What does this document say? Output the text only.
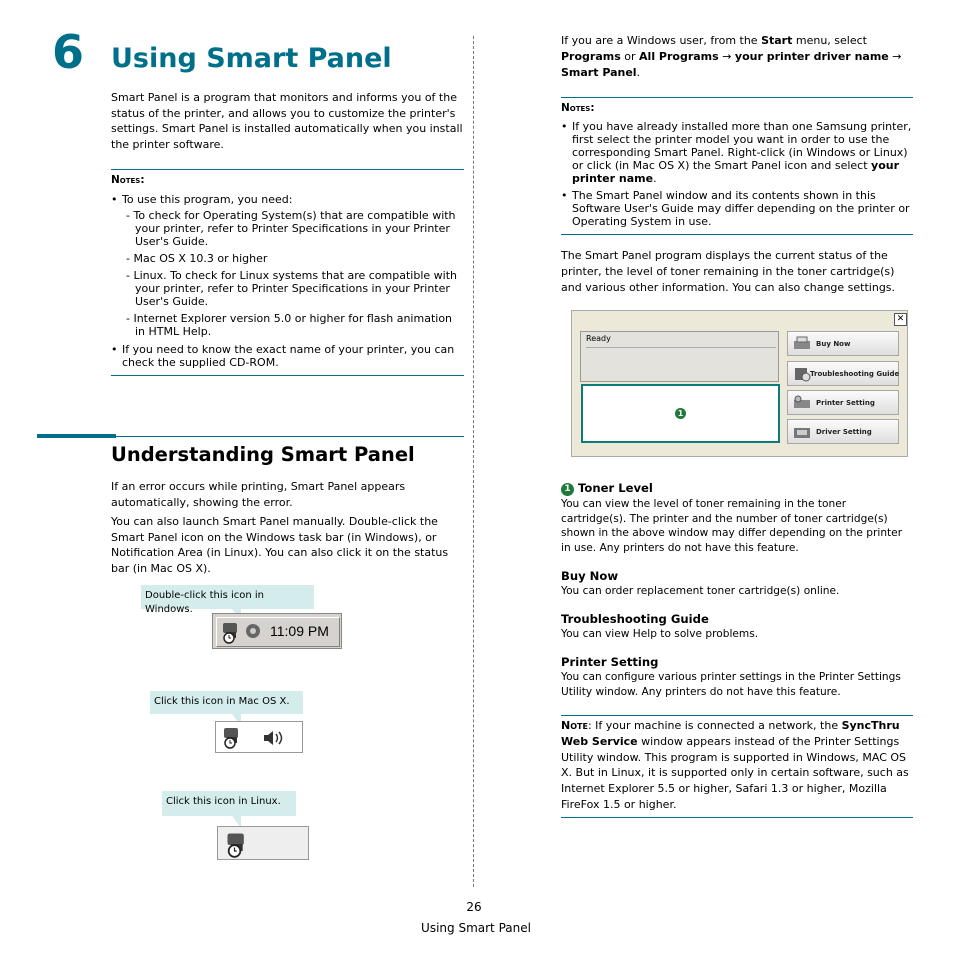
6 Using Smart Panel

Smart Panel is a program that monitors and informs you of the status of the printer, and allows you to customize the printer's settings. Smart Panel is installed automatically when you install the printer software.

Notes:

• To use this program, you need:
- To check for Operating System(s) that are compatible with your printer, refer to Printer Specifications in your Printer User's Guide.
- Mac OS X 10.3 or higher
- Linux. To check for Linux systems that are compatible with your printer, refer to Printer Specifications in your Printer User's Guide.
- Internet Explorer version 5.0 or higher for flash animation in HTML Help.
• If you need to know the exact name of your printer, you can check the supplied CD-ROM.
Understanding Smart Panel

If an error occurs while printing, Smart Panel appears automatically, showing the error.

You can also launch Smart Panel manually. Double-click the Smart Panel icon on the Windows task bar (in Windows), or Notification Area (in Linux). You can also click it on the status bar (in Mac OS X).

Double-click this icon in Windows.
11:09 PM
Click this icon in Mac OS X.
Click this icon in Linux.

If you are a Windows user, from the Start menu, select Programs or All Programs → your printer driver name → Smart Panel.

Notes:

• If you have already installed more than one Samsung printer, first select the printer model you want in order to use the corresponding Smart Panel. Right-click (in Windows or Linux) or click (in Mac OS X) the Smart Panel icon and select your printer name.
• The Smart Panel window and its contents shown in this Software User's Guide may differ depending on the printer or Operating System in use.

The Smart Panel program displays the current status of the printer, the level of toner remaining in the toner cartridge(s) and various other information. You can also change settings.

✕
Ready
1
Buy Now
Troubleshooting Guide
Printer Setting
Driver Setting
1 Toner Level

You can view the level of toner remaining in the toner cartridge(s). The printer and the number of toner cartridge(s) shown in the above window may differ depending on the printer in use. Any printers do not have this feature.

Buy Now

You can order replacement toner cartridge(s) online.

Troubleshooting Guide

You can view Help to solve problems.

Printer Setting

You can configure various printer settings in the Printer Settings Utility window. Any printers do not have this feature.

Note: If your machine is connected a network, the SyncThru Web Service window appears instead of the Printer Settings Utility window. This program is supported in Windows, MAC OS X. But in Linux, it is supported only in certain software, such as Internet Explorer 5.5 or higher, Safari 1.3 or higher, Mozilla FireFox 1.5 or higher.

26
Using Smart Panel
